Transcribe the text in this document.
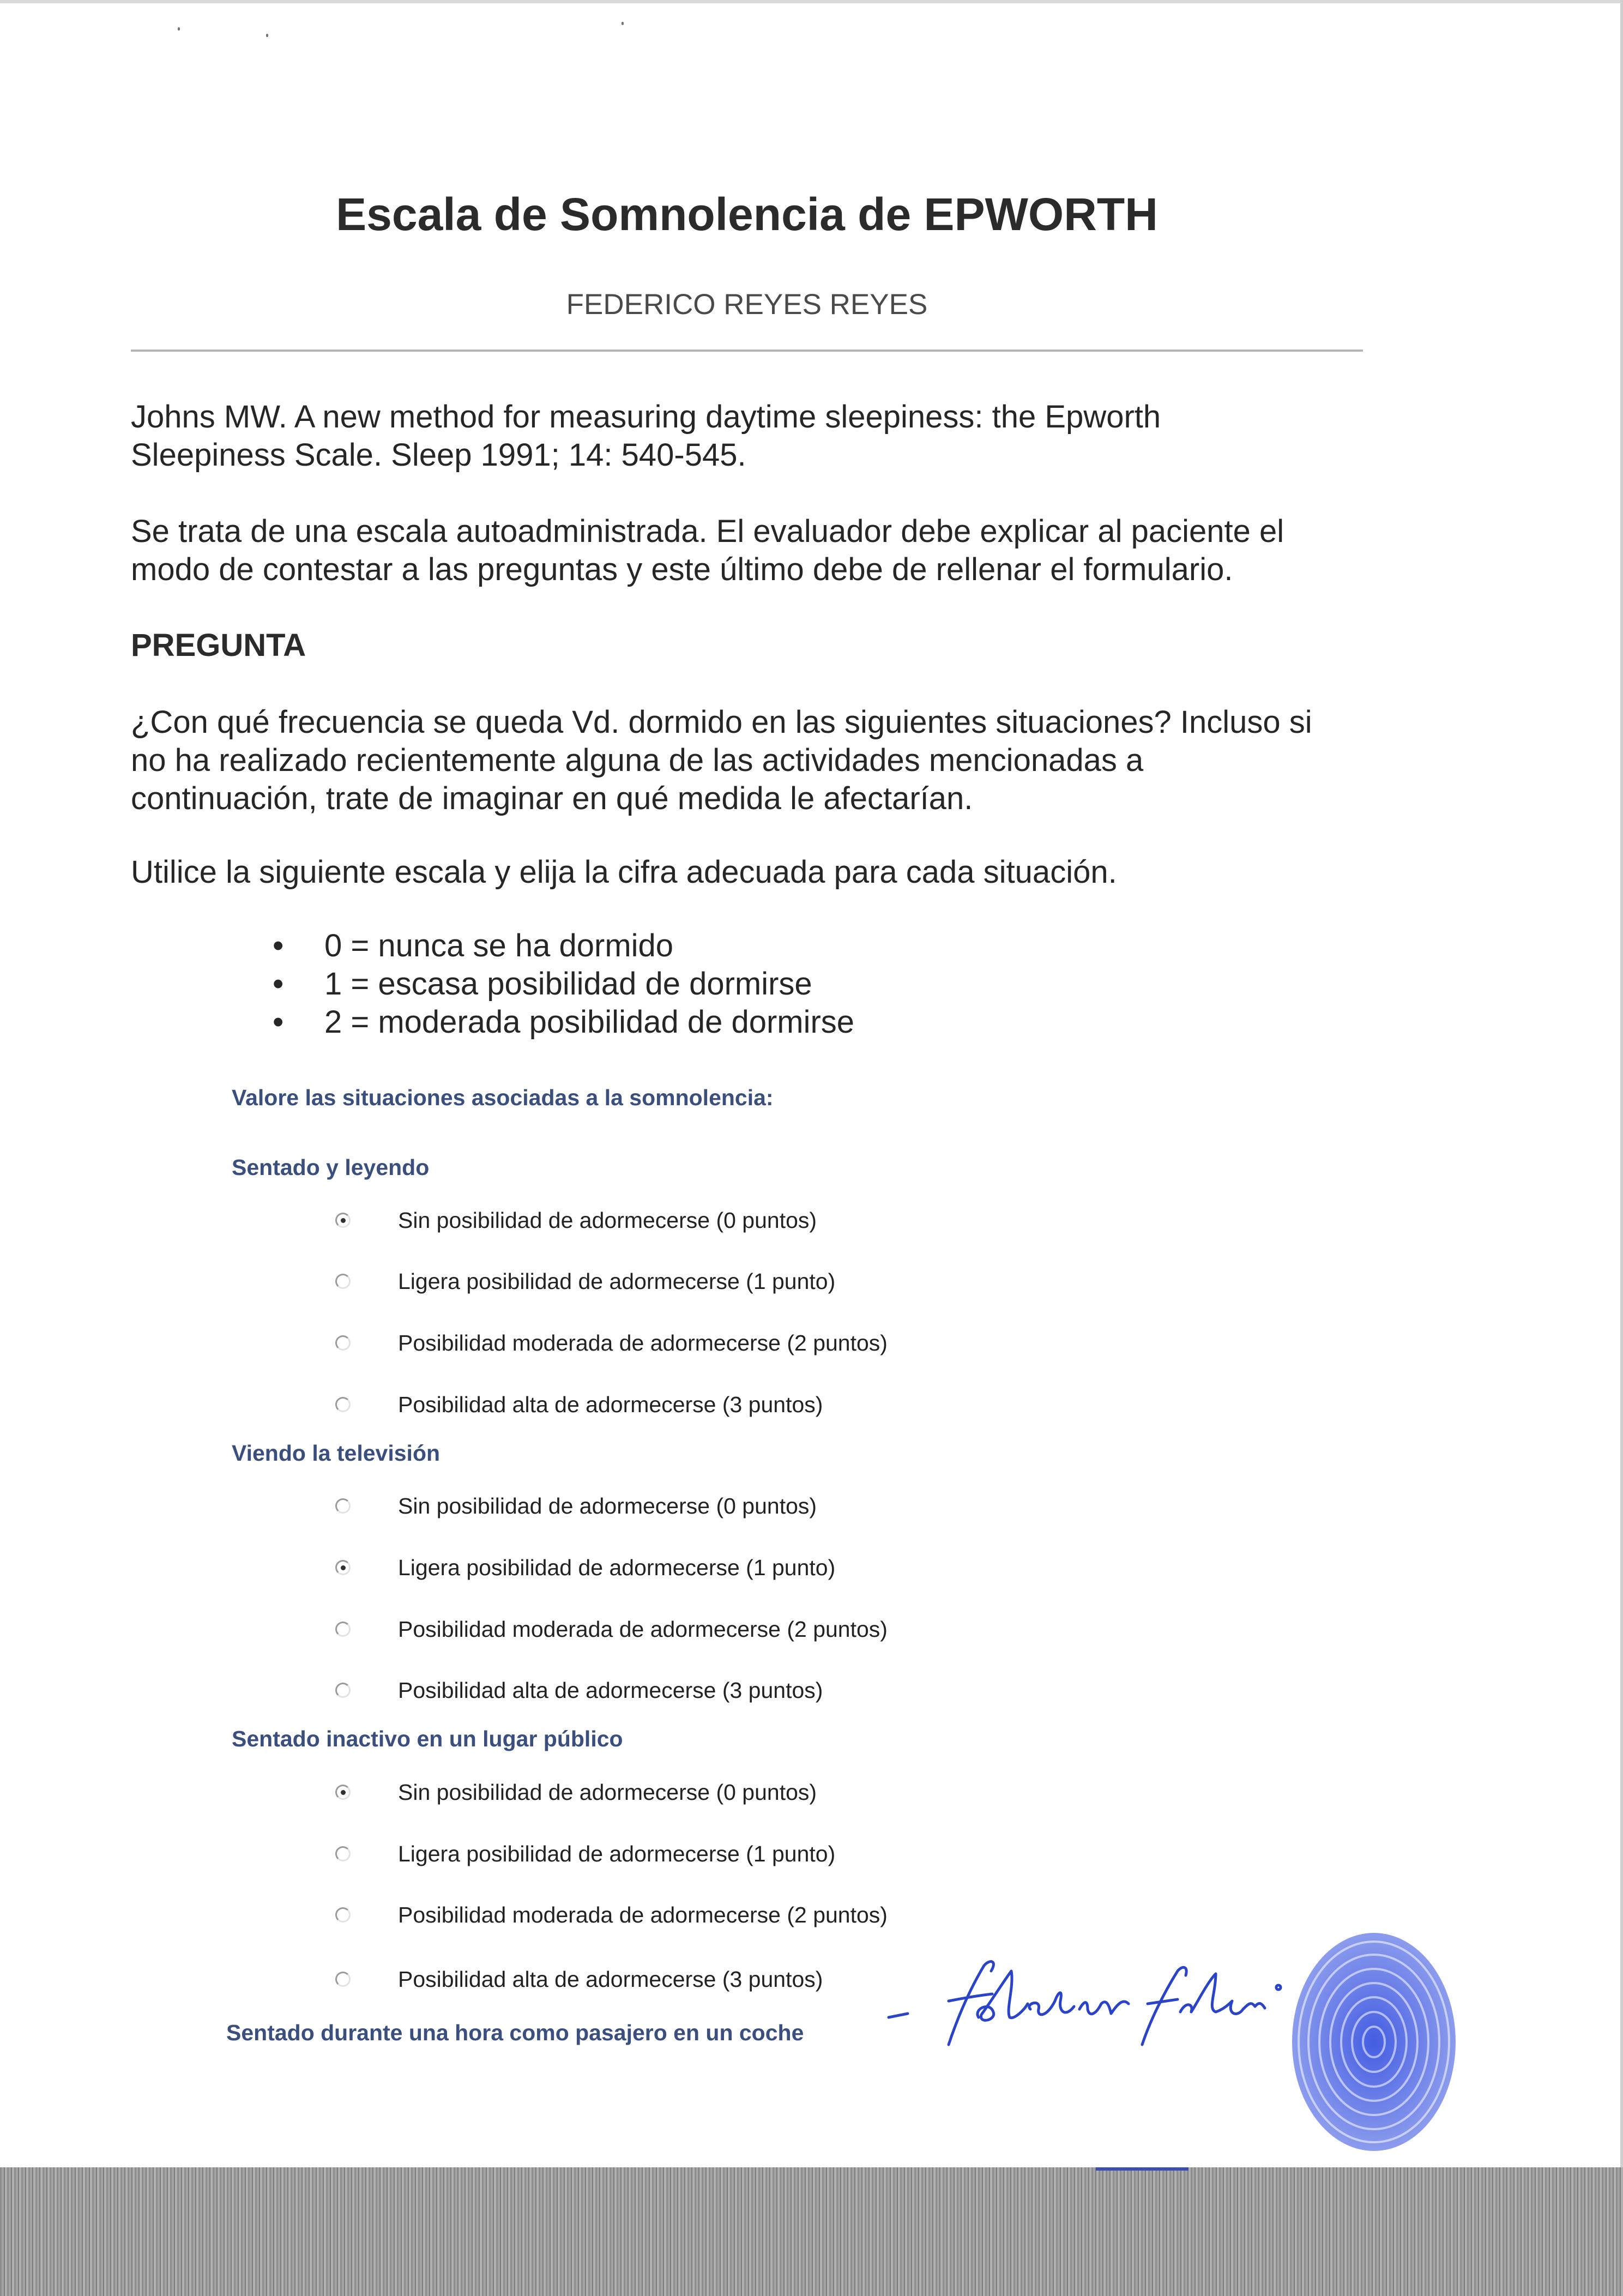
Escala de Somnolencia de EPWORTH

FEDERICO REYES REYES

Johns MW. A new method for measuring daytime sleepiness: the Epworth
Sleepiness Scale. Sleep 1991; 14: 540-545.

Se trata de una escala autoadministrada. El evaluador debe explicar al paciente el
modo de contestar a las preguntas y este último debe de rellenar el formulario.

PREGUNTA

¿Con qué frecuencia se queda Vd. dormido en las siguientes situaciones? Incluso si
no ha realizado recientemente alguna de las actividades mencionadas a
continuación, trate de imaginar en qué medida le afectarían.

Utilice la siguiente escala y elija la cifra adecuada para cada situación.

• 0 = nunca se ha dormido
• 1 = escasa posibilidad de dormirse
• 2 = moderada posibilidad de dormirse

Valore las situaciones asociadas a la somnolencia:

Sentado y leyendo

Sin posibilidad de adormecerse (0 puntos)
Ligera posibilidad de adormecerse (1 punto)
Posibilidad moderada de adormecerse (2 puntos)
Posibilidad alta de adormecerse (3 puntos)

Viendo la televisión

Sin posibilidad de adormecerse (0 puntos)
Ligera posibilidad de adormecerse (1 punto)
Posibilidad moderada de adormecerse (2 puntos)
Posibilidad alta de adormecerse (3 puntos)

Sentado inactivo en un lugar público

Sin posibilidad de adormecerse (0 puntos)
Ligera posibilidad de adormecerse (1 punto)
Posibilidad moderada de adormecerse (2 puntos)
Posibilidad alta de adormecerse (3 puntos)

Sentado durante una hora como pasajero en un coche
